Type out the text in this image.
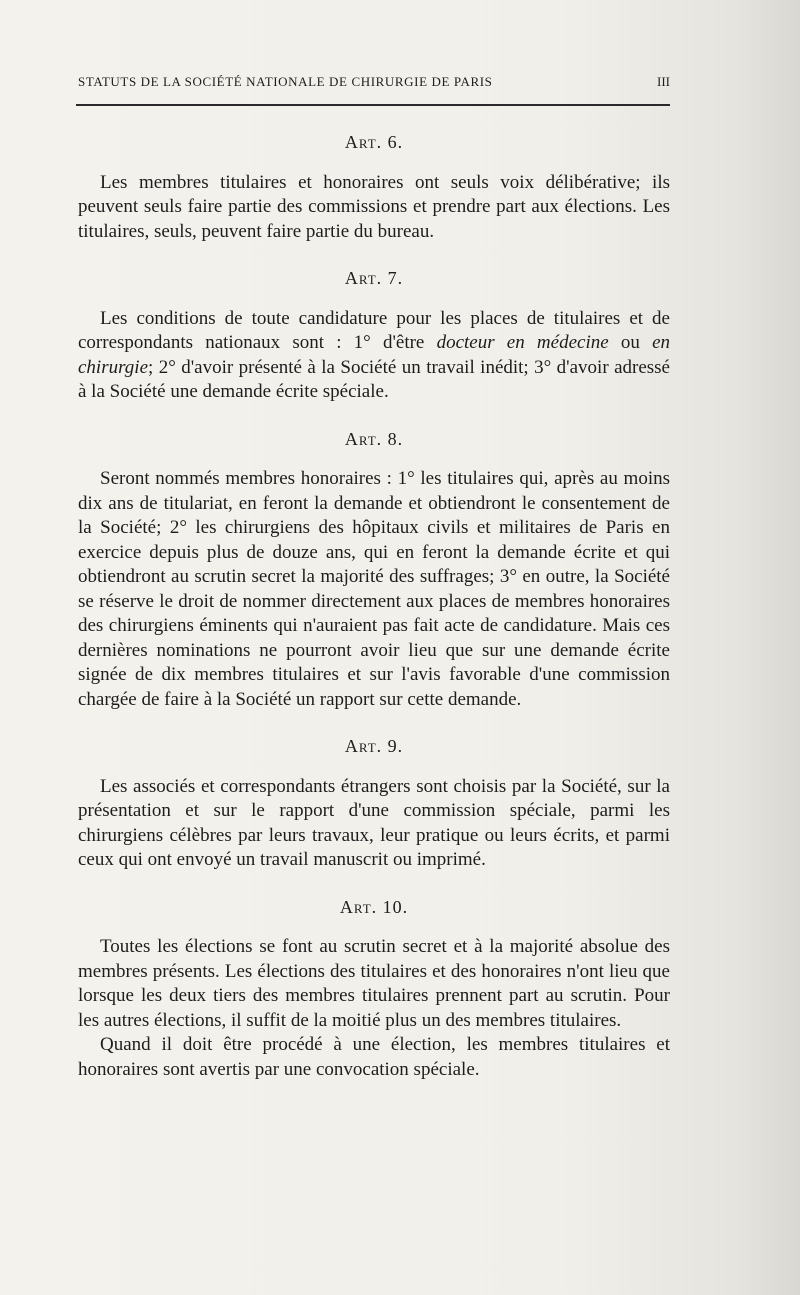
STATUTS DE LA SOCIÉTÉ NATIONALE DE CHIRURGIE DE PARIS	III
Art. 6.

Les membres titulaires et honoraires ont seuls voix délibérative; ils peuvent seuls faire partie des commissions et prendre part aux élections. Les titulaires, seuls, peuvent faire partie du bureau.

Art. 7.

Les conditions de toute candidature pour les places de titulaires et de correspondants nationaux sont : 1° d'être docteur en médecine ou en chirurgie; 2° d'avoir présenté à la Société un travail inédit; 3° d'avoir adressé à la Société une demande écrite spéciale.

Art. 8.

Seront nommés membres honoraires : 1° les titulaires qui, après au moins dix ans de titulariat, en feront la demande et obtiendront le consentement de la Société; 2° les chirurgiens des hôpitaux civils et militaires de Paris en exercice depuis plus de douze ans, qui en feront la demande écrite et qui obtiendront au scrutin secret la majorité des suffrages; 3° en outre, la Société se réserve le droit de nommer directement aux places de membres honoraires des chirurgiens éminents qui n'auraient pas fait acte de candidature. Mais ces dernières nominations ne pourront avoir lieu que sur une demande écrite signée de dix membres titulaires et sur l'avis favorable d'une commission chargée de faire à la Société un rapport sur cette demande.

Art. 9.

Les associés et correspondants étrangers sont choisis par la Société, sur la présentation et sur le rapport d'une commission spéciale, parmi les chirurgiens célèbres par leurs travaux, leur pratique ou leurs écrits, et parmi ceux qui ont envoyé un travail manuscrit ou imprimé.

Art. 10.

Toutes les élections se font au scrutin secret et à la majorité absolue des membres présents. Les élections des titulaires et des honoraires n'ont lieu que lorsque les deux tiers des membres titulaires prennent part au scrutin. Pour les autres élections, il suffit de la moitié plus un des membres titulaires.

Quand il doit être procédé à une élection, les membres titulaires et honoraires sont avertis par une convocation spéciale.
